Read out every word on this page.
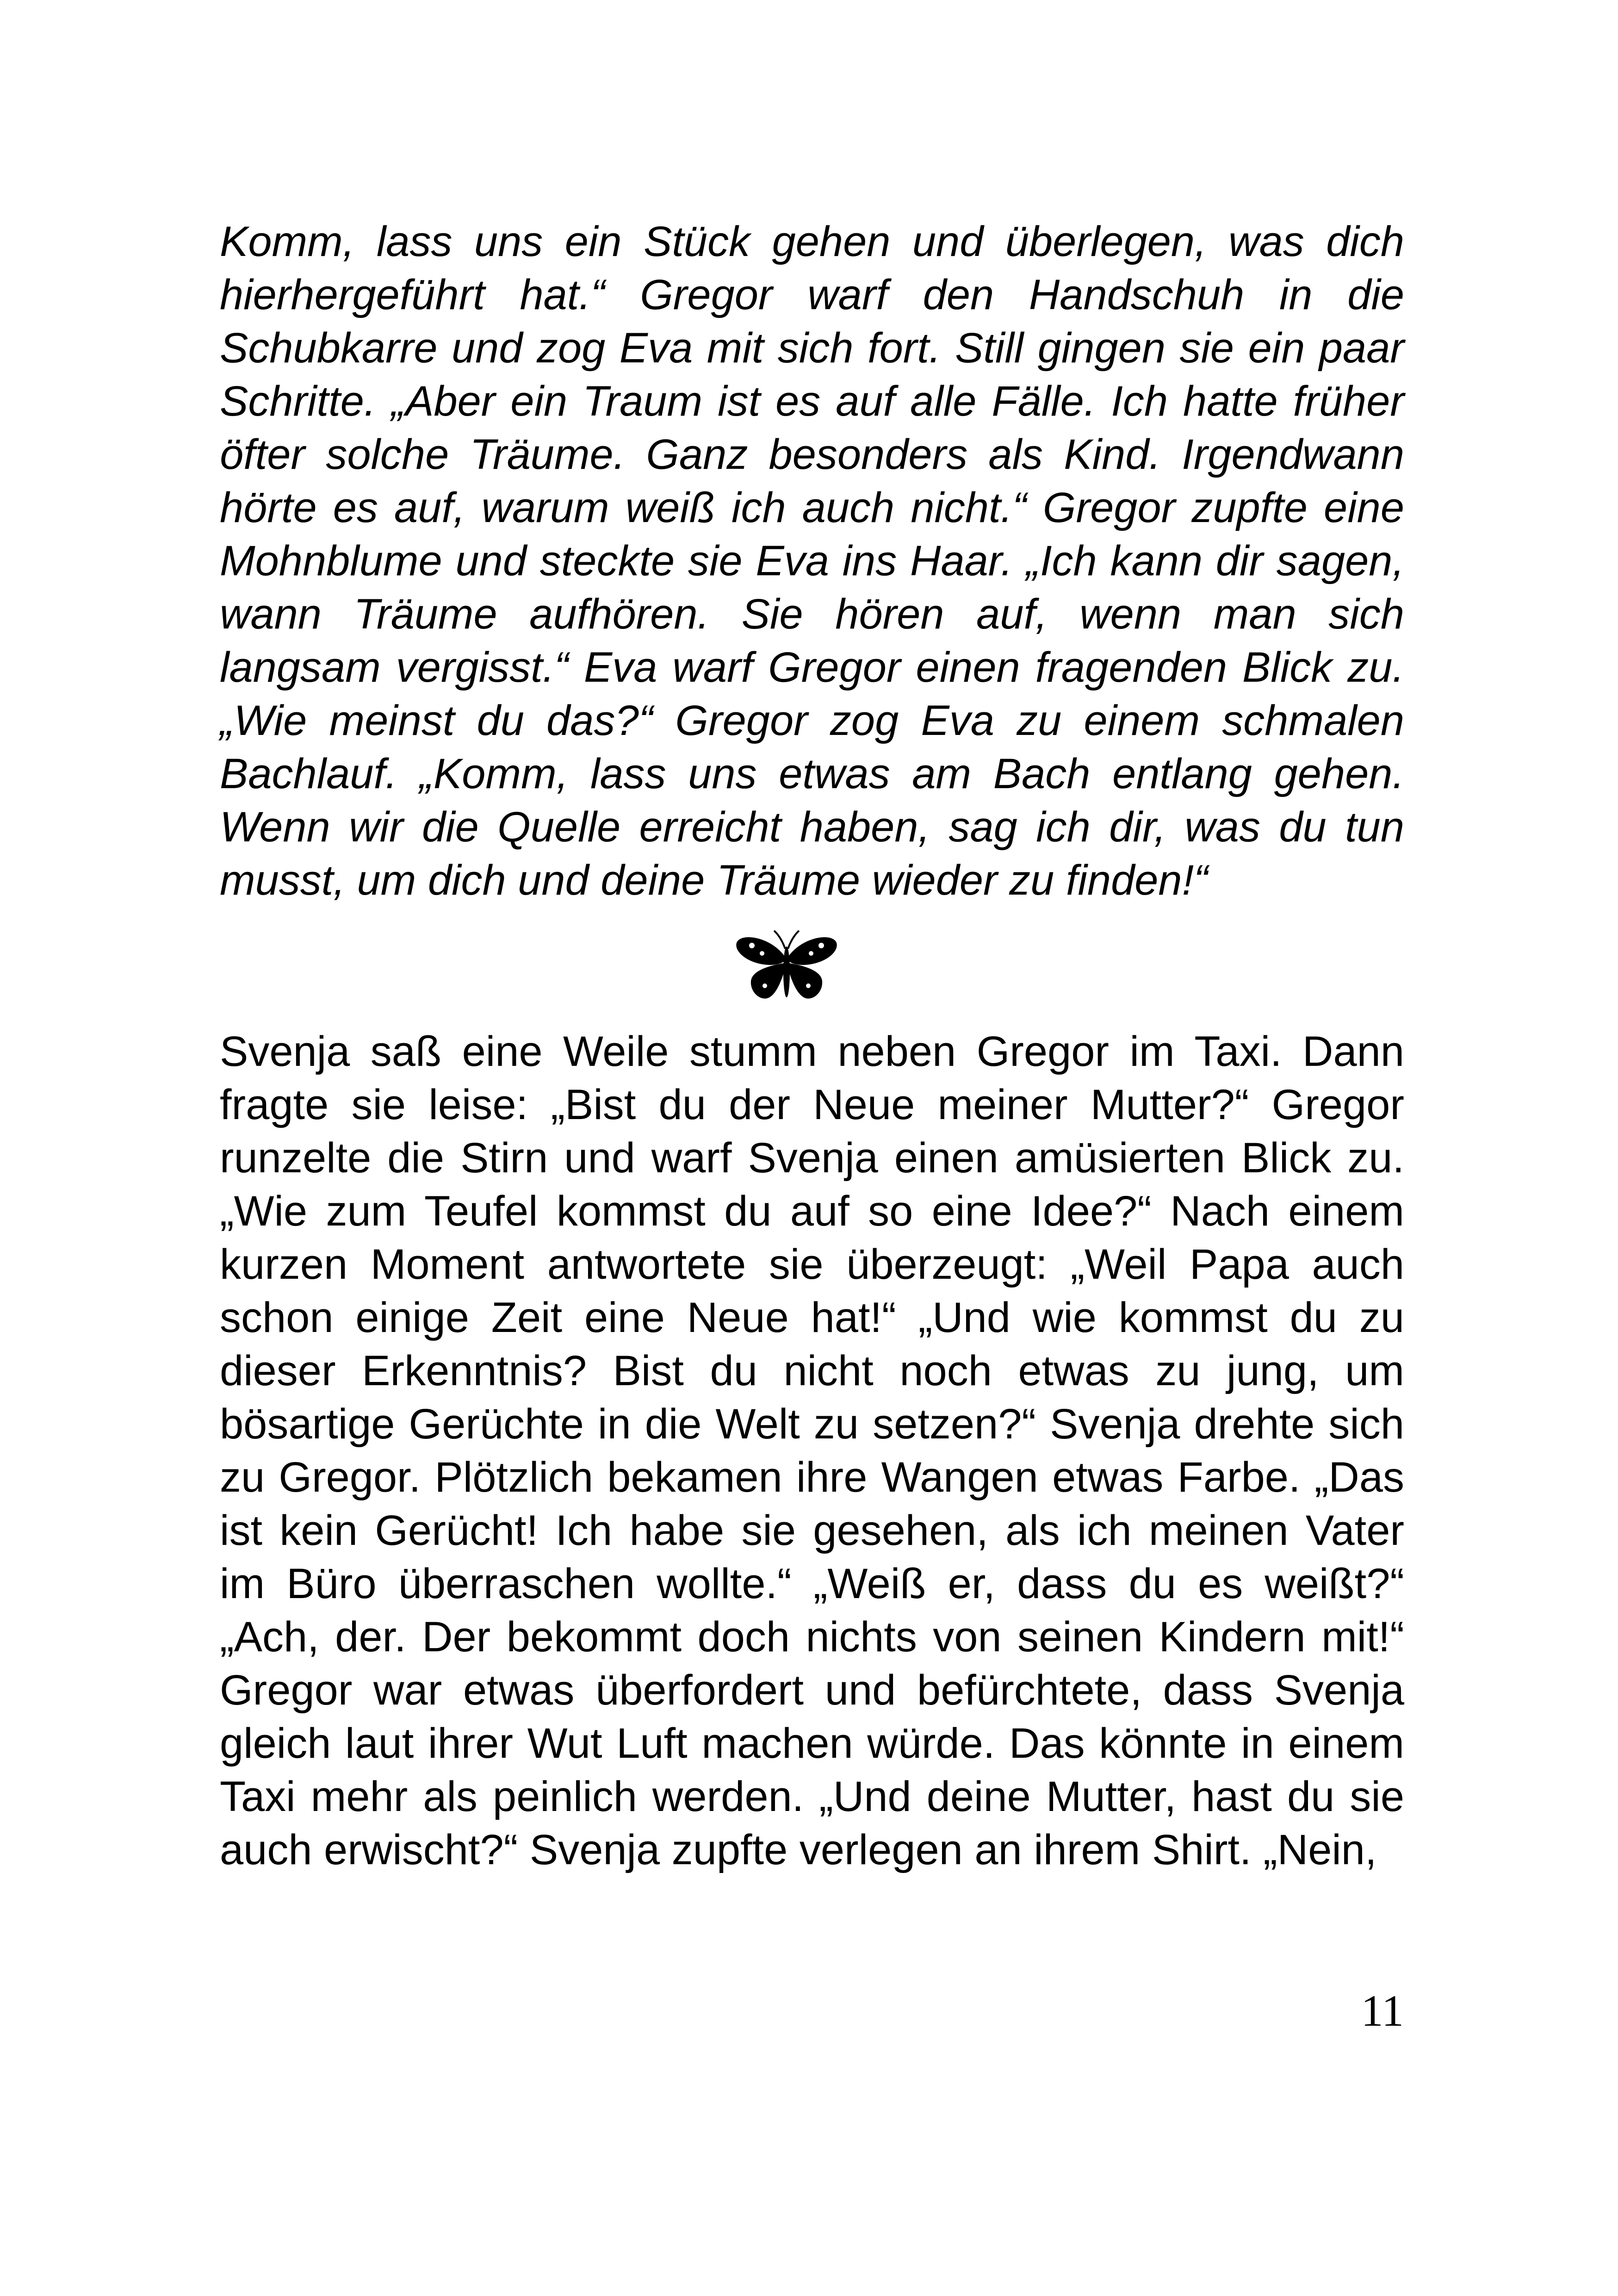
Komm, lass uns ein Stück gehen und überlegen, was dich hierhergeführt hat.“ Gregor warf den Handschuh in die Schubkarre und zog Eva mit sich fort. Still gingen sie ein paar Schritte. „Aber ein Traum ist es auf alle Fälle. Ich hatte früher öfter solche Träume. Ganz besonders als Kind. Irgendwann hörte es auf, warum weiß ich auch nicht.“ Gregor zupfte eine Mohnblume und steckte sie Eva ins Haar. „Ich kann dir sagen, wann Träume aufhören. Sie hören auf, wenn man sich langsam vergisst.“ Eva warf Gregor einen fragenden Blick zu. „Wie meinst du das?“ Gregor zog Eva zu einem schmalen Bachlauf. „Komm, lass uns etwas am Bach entlang gehen. Wenn wir die Quelle erreicht haben, sag ich dir, was du tun musst, um dich und deine Träume wieder zu finden!“

Svenja saß eine Weile stumm neben Gregor im Taxi. Dann fragte sie leise: „Bist du der Neue meiner Mutter?“ Gregor runzelte die Stirn und warf Svenja einen amüsierten Blick zu. „Wie zum Teufel kommst du auf so eine Idee?“ Nach einem kurzen Moment antwortete sie überzeugt: „Weil Papa auch schon einige Zeit eine Neue hat!“ „Und wie kommst du zu dieser Erkenntnis? Bist du nicht noch etwas zu jung, um bösartige Gerüchte in die Welt zu setzen?“ Svenja drehte sich zu Gregor. Plötzlich bekamen ihre Wangen etwas Farbe. „Das ist kein Gerücht! Ich habe sie gesehen, als ich meinen Vater im Büro überraschen wollte.“ „Weiß er, dass du es weißt?“ „Ach, der. Der bekommt doch nichts von seinen Kindern mit!“ Gregor war etwas überfordert und befürchtete, dass Svenja gleich laut ihrer Wut Luft machen würde. Das könnte in einem Taxi mehr als peinlich werden. „Und deine Mutter, hast du sie auch erwischt?“ Svenja zupfte verlegen an ihrem Shirt. „Nein,

11
